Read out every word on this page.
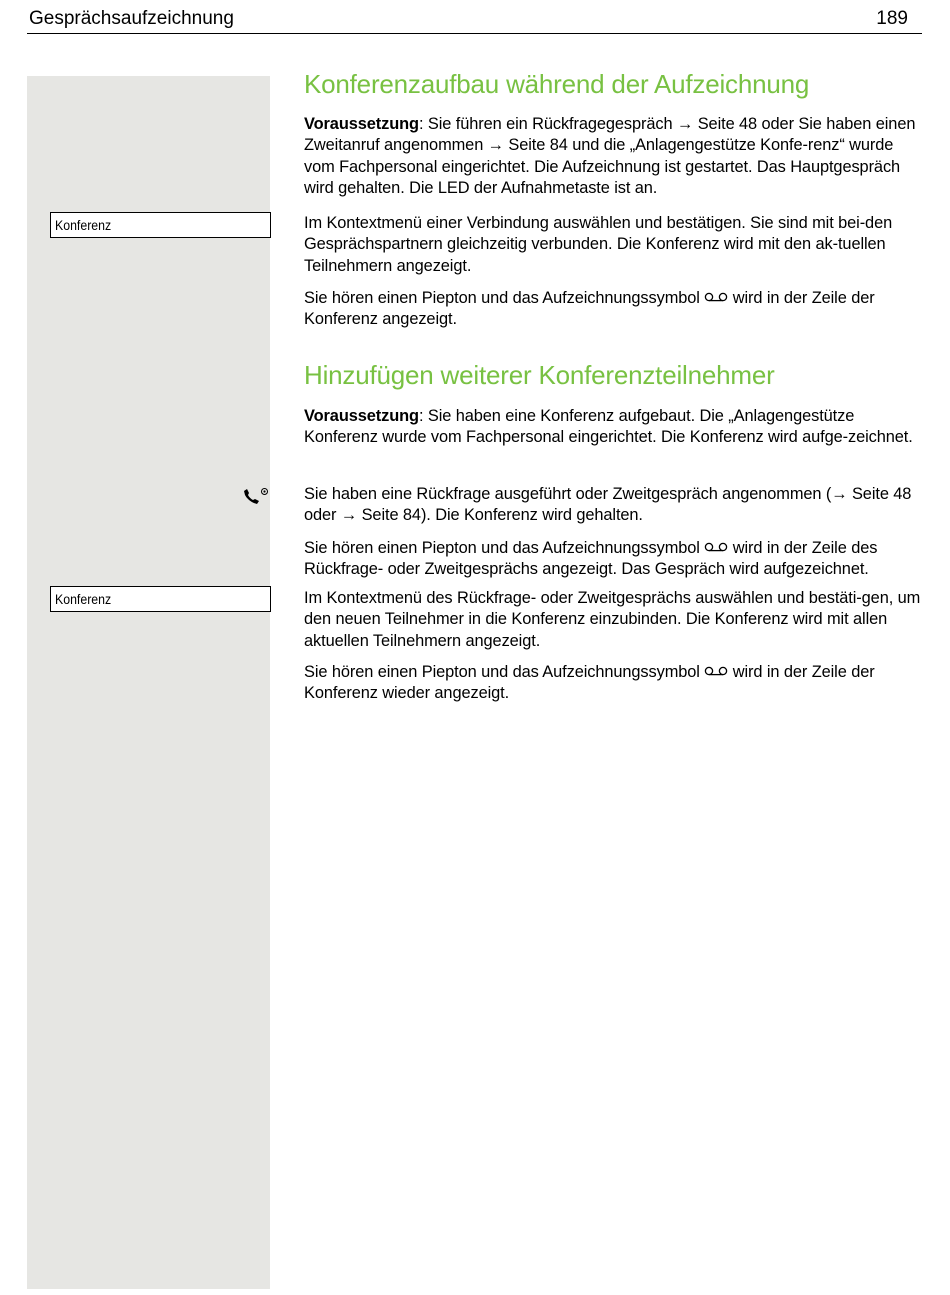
Gesprächsaufzeichnung	189
Konferenz
Konferenz
Konferenzaufbau während der Aufzeichnung

Voraussetzung: Sie führen ein Rückfragegespräch → Seite 48 oder Sie haben einen Zweitanruf angenommen → Seite 84 und die „Anlagengestütze Konfe-renz“ wurde vom Fachpersonal eingerichtet. Die Aufzeichnung ist gestartet. Das Hauptgespräch wird gehalten. Die LED der Aufnahmetaste ist an.

Im Kontextmenü einer Verbindung auswählen und bestätigen. Sie sind mit bei-den Gesprächspartnern gleichzeitig verbunden. Die Konferenz wird mit den ak-tuellen Teilnehmern angezeigt.

Sie hören einen Piepton und das Aufzeichnungssymbol  wird in der Zeile der Konferenz angezeigt.

Hinzufügen weiterer Konferenzteilnehmer

Voraussetzung: Sie haben eine Konferenz aufgebaut. Die „Anlagengestütze Konferenz wurde vom Fachpersonal eingerichtet. Die Konferenz wird aufge-zeichnet.

Sie haben eine Rückfrage ausgeführt oder Zweitgespräch angenommen (→ Seite 48 oder → Seite 84). Die Konferenz wird gehalten.

Sie hören einen Piepton und das Aufzeichnungssymbol  wird in der Zeile des Rückfrage- oder Zweitgesprächs angezeigt. Das Gespräch wird aufgezeichnet.

Im Kontextmenü des Rückfrage- oder Zweitgesprächs auswählen und bestäti-gen, um den neuen Teilnehmer in die Konferenz einzubinden. Die Konferenz wird mit allen aktuellen Teilnehmern angezeigt.

Sie hören einen Piepton und das Aufzeichnungssymbol  wird in der Zeile der Konferenz wieder angezeigt.
